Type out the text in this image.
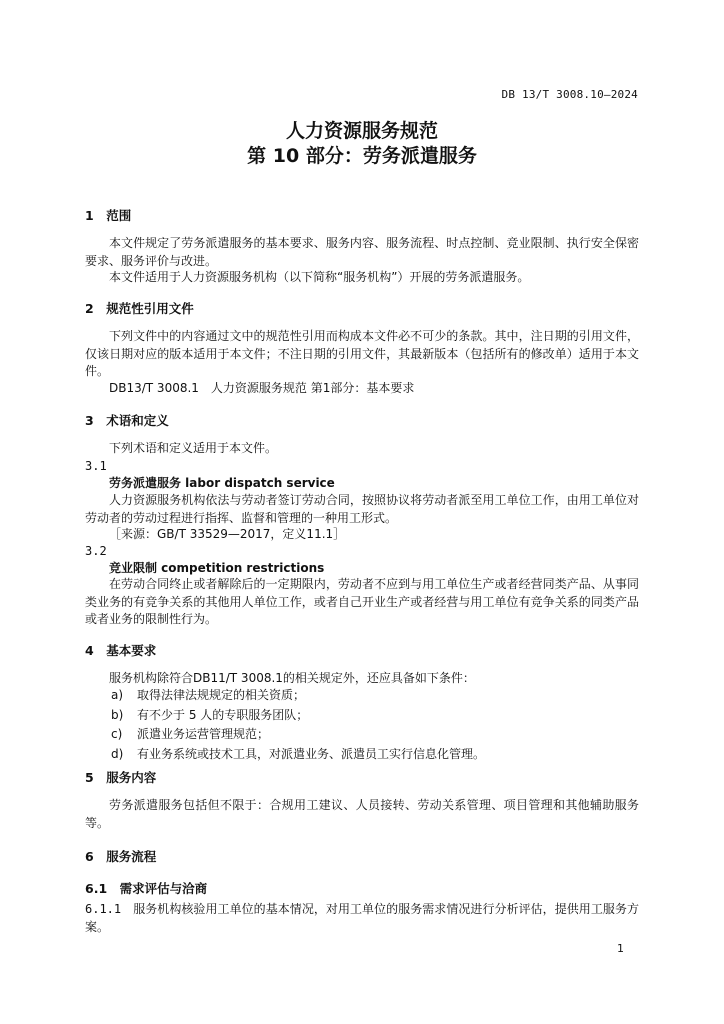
DB 13/T 3008.10—2024
人力资源服务规范
第 10 部分：劳务派遣服务
1　范围
本文件规定了劳务派遣服务的基本要求、服务内容、服务流程、时点控制、竞业限制、执行安全保密要求、服务评价与改进。
本文件适用于人力资源服务机构（以下简称“服务机构”）开展的劳务派遣服务。
2　规范性引用文件
下列文件中的内容通过文中的规范性引用而构成本文件必不可少的条款。其中，注日期的引用文件，仅该日期对应的版本适用于本文件；不注日期的引用文件，其最新版本（包括所有的修改单）适用于本文件。
DB13/T 3008.1　人力资源服务规范 第1部分：基本要求
3　术语和定义
下列术语和定义适用于本文件。
3.1
劳务派遣服务 labor dispatch service
人力资源服务机构依法与劳动者签订劳动合同，按照协议将劳动者派至用工单位工作，由用工单位对劳动者的劳动过程进行指挥、监督和管理的一种用工形式。
［来源：GB/T 33529—2017，定义11.1］
3.2
竞业限制 competition restrictions
在劳动合同终止或者解除后的一定期限内，劳动者不应到与用工单位生产或者经营同类产品、从事同类业务的有竞争关系的其他用人单位工作，或者自己开业生产或者经营与用工单位有竞争关系的同类产品或者业务的限制性行为。
4　基本要求
服务机构除符合DB11/T 3008.1的相关规定外，还应具备如下条件：
a) 取得法律法规规定的相关资质；
b) 有不少于 5 人的专职服务团队；
c) 派遣业务运营管理规范；
d) 有业务系统或技术工具，对派遣业务、派遣员工实行信息化管理。
5　服务内容
劳务派遣服务包括但不限于：合规用工建议、人员接转、劳动关系管理、项目管理和其他辅助服务等。
6　服务流程
6.1　需求评估与洽商
6.1.1　 服务机构核验用工单位的基本情况，对用工单位的服务需求情况进行分析评估，提供用工服务方案。
1
